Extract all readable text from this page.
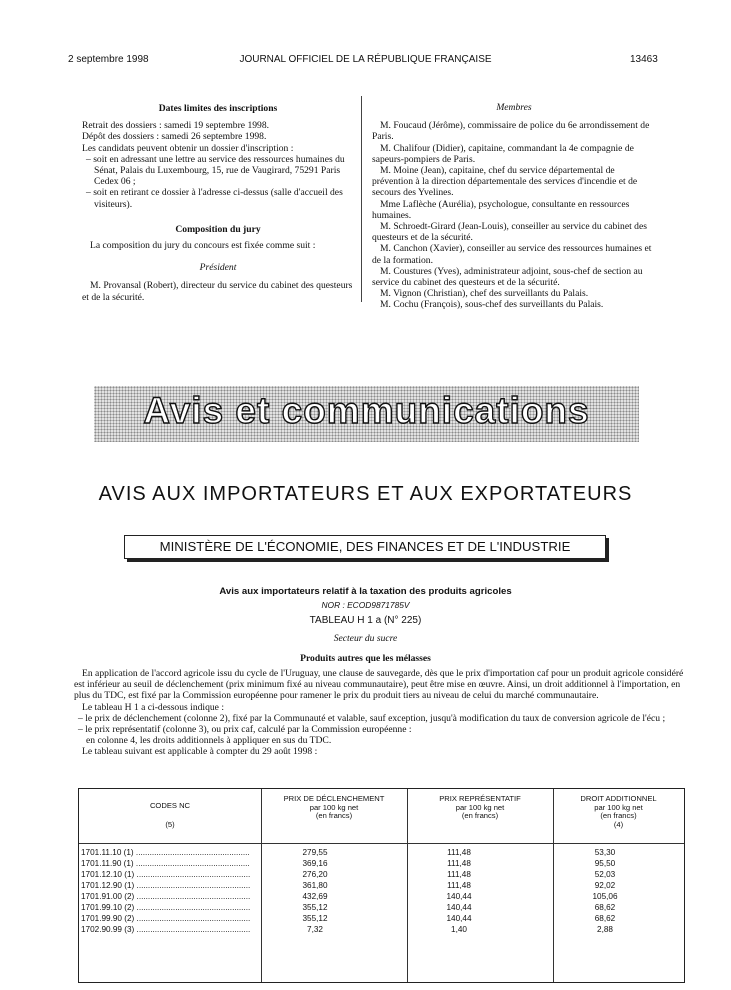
2 septembre 1998	JOURNAL OFFICIEL DE LA RÉPUBLIQUE FRANÇAISE	13463

Dates limites des inscriptions

Retrait des dossiers : samedi 19 septembre 1998.

Dépôt des dossiers : samedi 26 septembre 1998.

Les candidats peuvent obtenir un dossier d'inscription :

– soit en adressant une lettre au service des ressources humaines du Sénat, Palais du Luxembourg, 15, rue de Vaugirard, 75291 Paris Cedex 06 ;

– soit en retirant ce dossier à l'adresse ci-dessus (salle d'accueil des visiteurs).

Composition du jury

La composition du jury du concours est fixée comme suit :

Président

M. Provansal (Robert), directeur du service du cabinet des questeurs et de la sécurité.

Membres

M. Foucaud (Jérôme), commissaire de police du 6e arrondissement de Paris.

M. Chalifour (Didier), capitaine, commandant la 4e compagnie de sapeurs-pompiers de Paris.

M. Moine (Jean), capitaine, chef du service départemental de prévention à la direction départementale des services d'incendie et de secours des Yvelines.

Mme Laflèche (Aurélia), psychologue, consultante en ressources humaines.

M. Schroedt-Girard (Jean-Louis), conseiller au service du cabinet des questeurs et de la sécurité.

M. Canchon (Xavier), conseiller au service des ressources humaines et de la formation.

M. Coustures (Yves), administrateur adjoint, sous-chef de section au service du cabinet des questeurs et de la sécurité.

M. Vignon (Christian), chef des surveillants du Palais.

M. Cochu (François), sous-chef des surveillants du Palais.

Avis et communications
AVIS AUX IMPORTATEURS ET AUX EXPORTATEURS
MINISTÈRE DE L'ÉCONOMIE, DES FINANCES ET DE L'INDUSTRIE
Avis aux importateurs relatif à la taxation des produits agricoles
NOR : ECOD9871785V
TABLEAU H 1 a (N° 225)
Secteur du sucre
Produits autres que les mélasses

En application de l'accord agricole issu du cycle de l'Uruguay, une clause de sauvegarde, dès que le prix d'importation caf pour un produit agricole considéré est inférieur au seuil de déclenchement (prix minimum fixé au niveau communautaire), peut être mise en œuvre. Ainsi, un droit additionnel à l'importation, en plus du TDC, est fixé par la Commission européenne pour ramener le prix du produit tiers au niveau de celui du marché communautaire.

Le tableau H 1 a ci-dessous indique :

– le prix de déclenchement (colonne 2), fixé par la Communauté et valable, sauf exception, jusqu'à modification du taux de conversion agricole de l'écu ;

– le prix représentatif (colonne 3), ou prix caf, calculé par la Commission européenne :

en colonne 4, les droits additionnels à appliquer en sus du TDC.

Le tableau suivant est applicable à compter du 29 août 1998 :

CODES NC
(5)
PRIX DE DÉCLENCHEMENT
par 100 kg net
(en francs)
PRIX REPRÉSENTATIF
par 100 kg net
(en francs)
DROIT ADDITIONNEL
par 100 kg net
(en francs)
(4)
1701.11.10 (1) ..................................................	279,55	111,48	53,30
1701.11.90 (1) ..................................................	369,16	111,48	95,50
1701.12.10 (1) ..................................................	276,20	111,48	52,03
1701.12.90 (1) ..................................................	361,80	111,48	92,02
1701.91.00 (2) ..................................................	432,69	140,44	105,06
1701.99.10 (2) ..................................................	355,12	140,44	68,62
1701.99.90 (2) ..................................................	355,12	140,44	68,62
1702.90.99 (3) ..................................................	7,32	1,40	2,88
